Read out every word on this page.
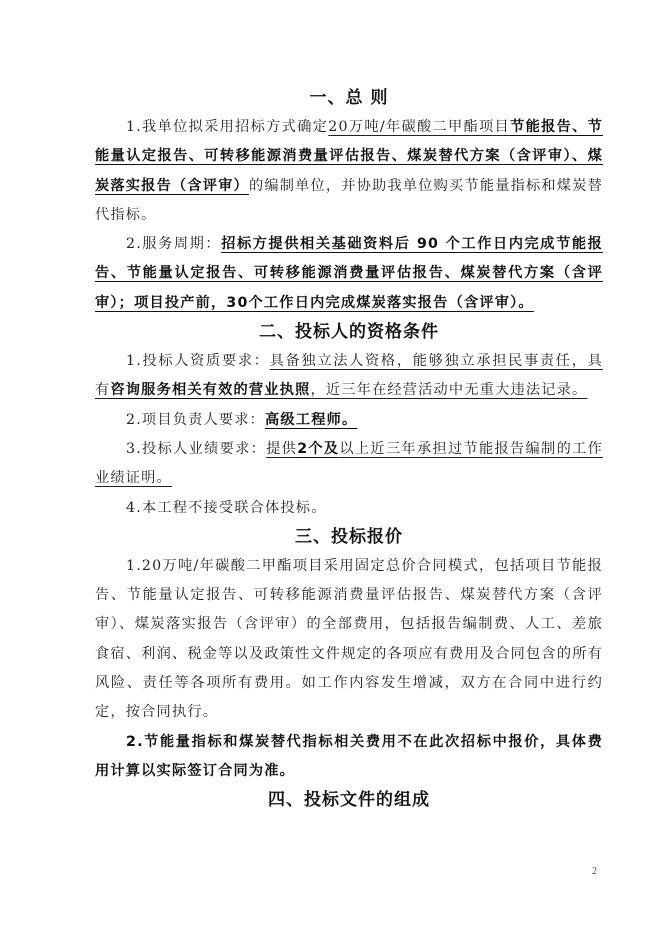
一、总 则
1.我单位拟采用招标方式确定20万吨/年碳酸二甲酯项目节能报告、节能量认定报告、可转移能源消费量评估报告、煤炭替代方案（含评审）、煤炭落实报告（含评审）的编制单位，并协助我单位购买节能量指标和煤炭替代指标。
2.服务周期：招标方提供相关基础资料后 90 个工作日内完成节能报告、节能量认定报告、可转移能源消费量评估报告、煤炭替代方案（含评审）；项目投产前，30个工作日内完成煤炭落实报告（含评审）。
二、投标人的资格条件
1.投标人资质要求：具备独立法人资格，能够独立承担民事责任，具有咨询服务相关有效的营业执照，近三年在经营活动中无重大违法记录。
2.项目负责人要求：高级工程师。
3.投标人业绩要求：提供2个及以上近三年承担过节能报告编制的工作业绩证明。
4.本工程不接受联合体投标。
三、投标报价
1.20万吨/年碳酸二甲酯项目采用固定总价合同模式，包括项目节能报告、节能量认定报告、可转移能源消费量评估报告、煤炭替代方案（含评审）、煤炭落实报告（含评审）的全部费用，包括报告编制费、人工、差旅食宿、利润、税金等以及政策性文件规定的各项应有费用及合同包含的所有风险、责任等各项所有费用。如工作内容发生增减，双方在合同中进行约定，按合同执行。
2.节能量指标和煤炭替代指标相关费用不在此次招标中报价，具体费用计算以实际签订合同为准。
四、投标文件的组成
2
